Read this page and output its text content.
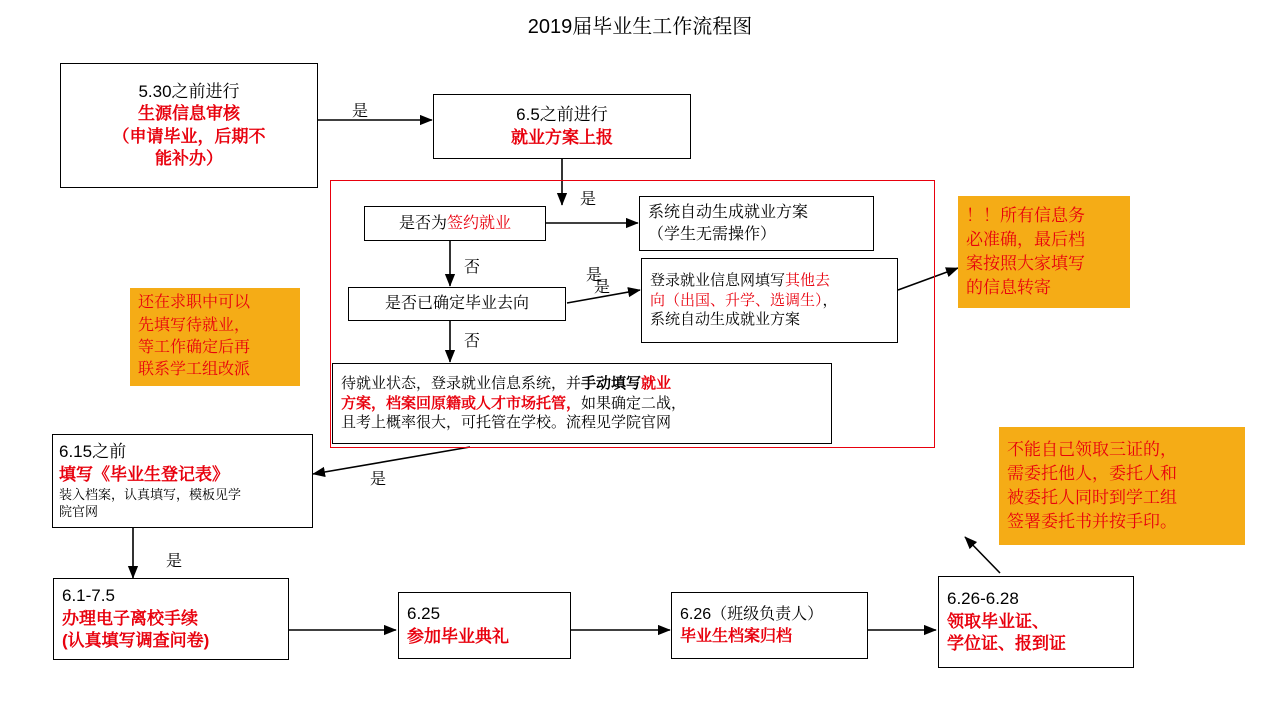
2019届毕业生工作流程图
5.30之前进行
生源信息审核
（申请毕业，后期不
能补办）
6.5之前进行
就业方案上报
是否为签约就业
系统自动生成就业方案
（学生无需操作）
是否已确定毕业去向
登录就业信息网填写其他去
向（出国、升学、选调生），
系统自动生成就业方案
待就业状态，登录就业信息系统，并手动填写就业
方案，档案回原籍或人才市场托管，如果确定二战，
且考上概率很大，可托管在学校。流程见学院官网
6.15之前
填写《毕业生登记表》
装入档案，认真填写，模板见学
院官网
6.1-7.5
办理电子离校手续
(认真填写调查问卷)
6.25
参加毕业典礼
6.26（班级负责人）
毕业生档案归档
6.26-6.28
领取毕业证、
学位证、报到证
还在求职中可以
先填写待就业，
等工作确定后再
联系学工组改派
！！所有信息务
必准确，最后档
案按照大家填写
的信息转寄
不能自己领取三证的，
需委托他人，委托人和
被委托人同时到学工组
签署委托书并按手印。
是
是
是
否
是
否
是
是
